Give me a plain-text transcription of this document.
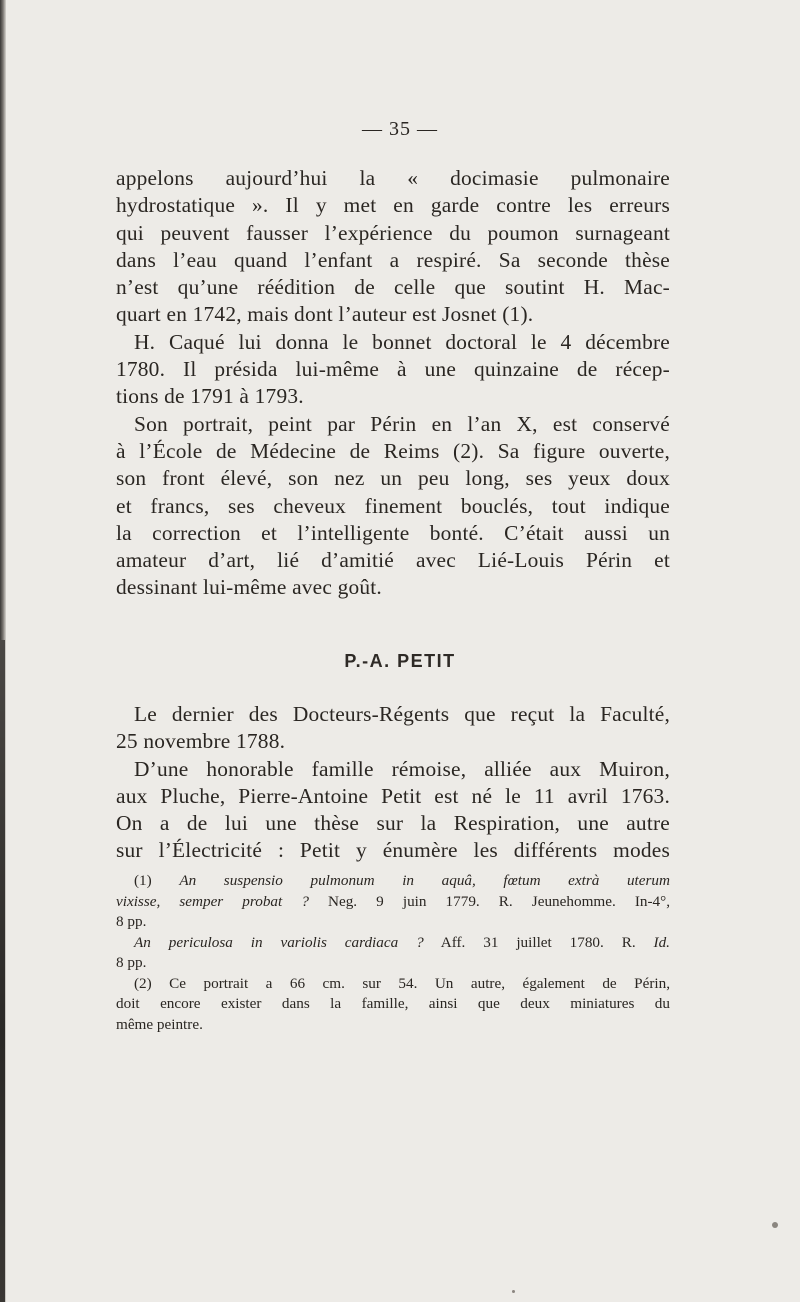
— 35 —
appelons aujourd’hui la « docimasie pulmonaire
hydrostatique ». Il y met en garde contre les erreurs
qui peuvent fausser l’expérience du poumon surnageant
dans l’eau quand l’enfant a respiré. Sa seconde thèse
n’est qu’une réédition de celle que soutint H. Mac-
quart en 1742, mais dont l’auteur est Josnet (1).
H. Caqué lui donna le bonnet doctoral le 4 décembre
1780. Il présida lui-même à une quinzaine de récep-
tions de 1791 à 1793.
Son portrait, peint par Périn en l’an X, est conservé
à l’École de Médecine de Reims (2). Sa figure ouverte,
son front élevé, son nez un peu long, ses yeux doux
et francs, ses cheveux finement bouclés, tout indique
la correction et l’intelligente bonté. C’était aussi un
amateur d’art, lié d’amitié avec Lié-Louis Périn et
dessinant lui-même avec goût.
P.-A. PETIT
Le dernier des Docteurs-Régents que reçut la Faculté,
25 novembre 1788.
D’une honorable famille rémoise, alliée aux Muiron,
aux Pluche, Pierre-Antoine Petit est né le 11 avril 1763.
On a de lui une thèse sur la Respiration, une autre
sur l’Électricité : Petit y énumère les différents modes
(1) An suspensio pulmonum in aquâ, fœtum extrà uterum
vixisse, semper probat ? Neg. 9 juin 1779. R. Jeunehomme. In-4°,
8 pp.
An periculosa in variolis cardiaca ? Aff. 31 juillet 1780. R. Id.
8 pp.
(2) Ce portrait a 66 cm. sur 54. Un autre, également de Périn,
doit encore exister dans la famille, ainsi que deux miniatures du
même peintre.
